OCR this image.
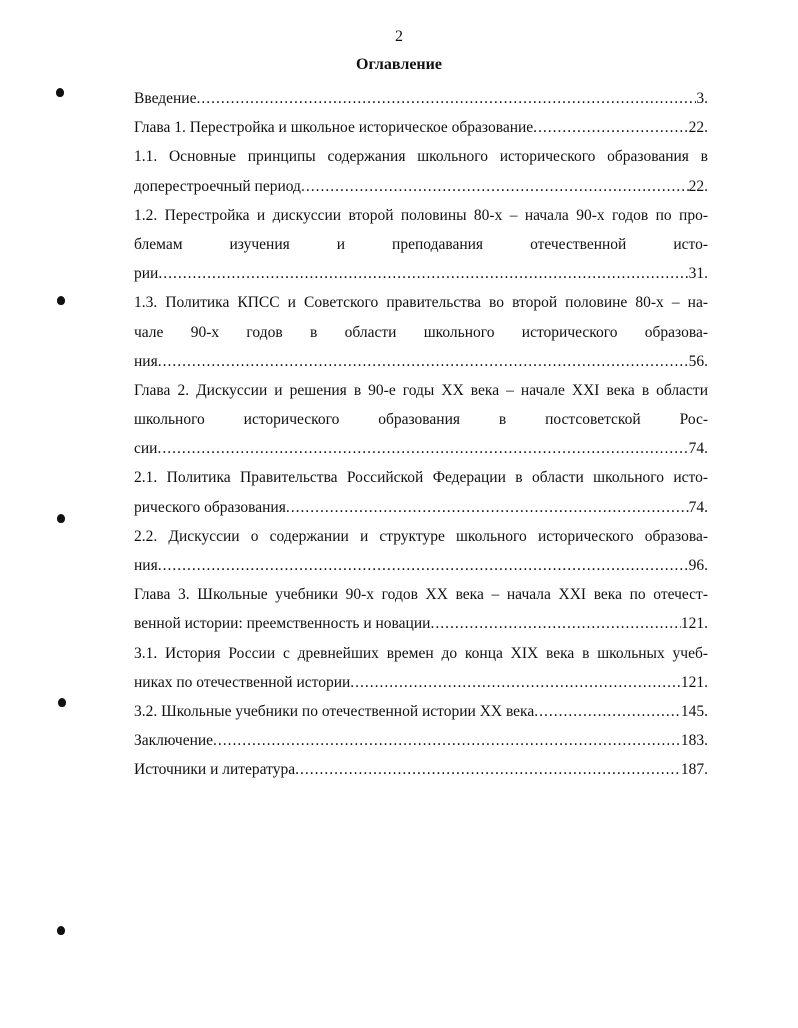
2
Оглавление
Введение .....	3.
Глава 1. Перестройка и школьное историческое образование .....	22.
1.1. Основные принципы содержания школьного исторического образования в
доперестроечный период .....	22.
1.2. Перестройка и дискуссии второй половины 80-х – начала 90-х годов по про-
блемам изучения и преподавания отечественной исто-
рии .....	31.
1.3. Политика КПСС и Советского правительства во второй половине 80-х – на-
чале 90-х годов в области школьного исторического образова-
ния .....	56.
Глава 2. Дискуссии и решения в 90-е годы XX века – начале XXI века в области
школьного исторического образования в постсоветской Рос-
сии .....	74.
2.1. Политика Правительства Российской Федерации в области школьного исто-
рического образования .....	74.
2.2. Дискуссии о содержании и структуре школьного исторического образова-
ния .....	96.
Глава 3. Школьные учебники 90-х годов XX века – начала XXI века по отечест-
венной истории: преемственность и новации .....	121.
3.1. История России с древнейших времен до конца XIX века в школьных учеб-
никах по отечественной истории .....	121.
3.2. Школьные учебники по отечественной истории XX века .....	145.
Заключение .....	183.
Источники и литература .....	187.
